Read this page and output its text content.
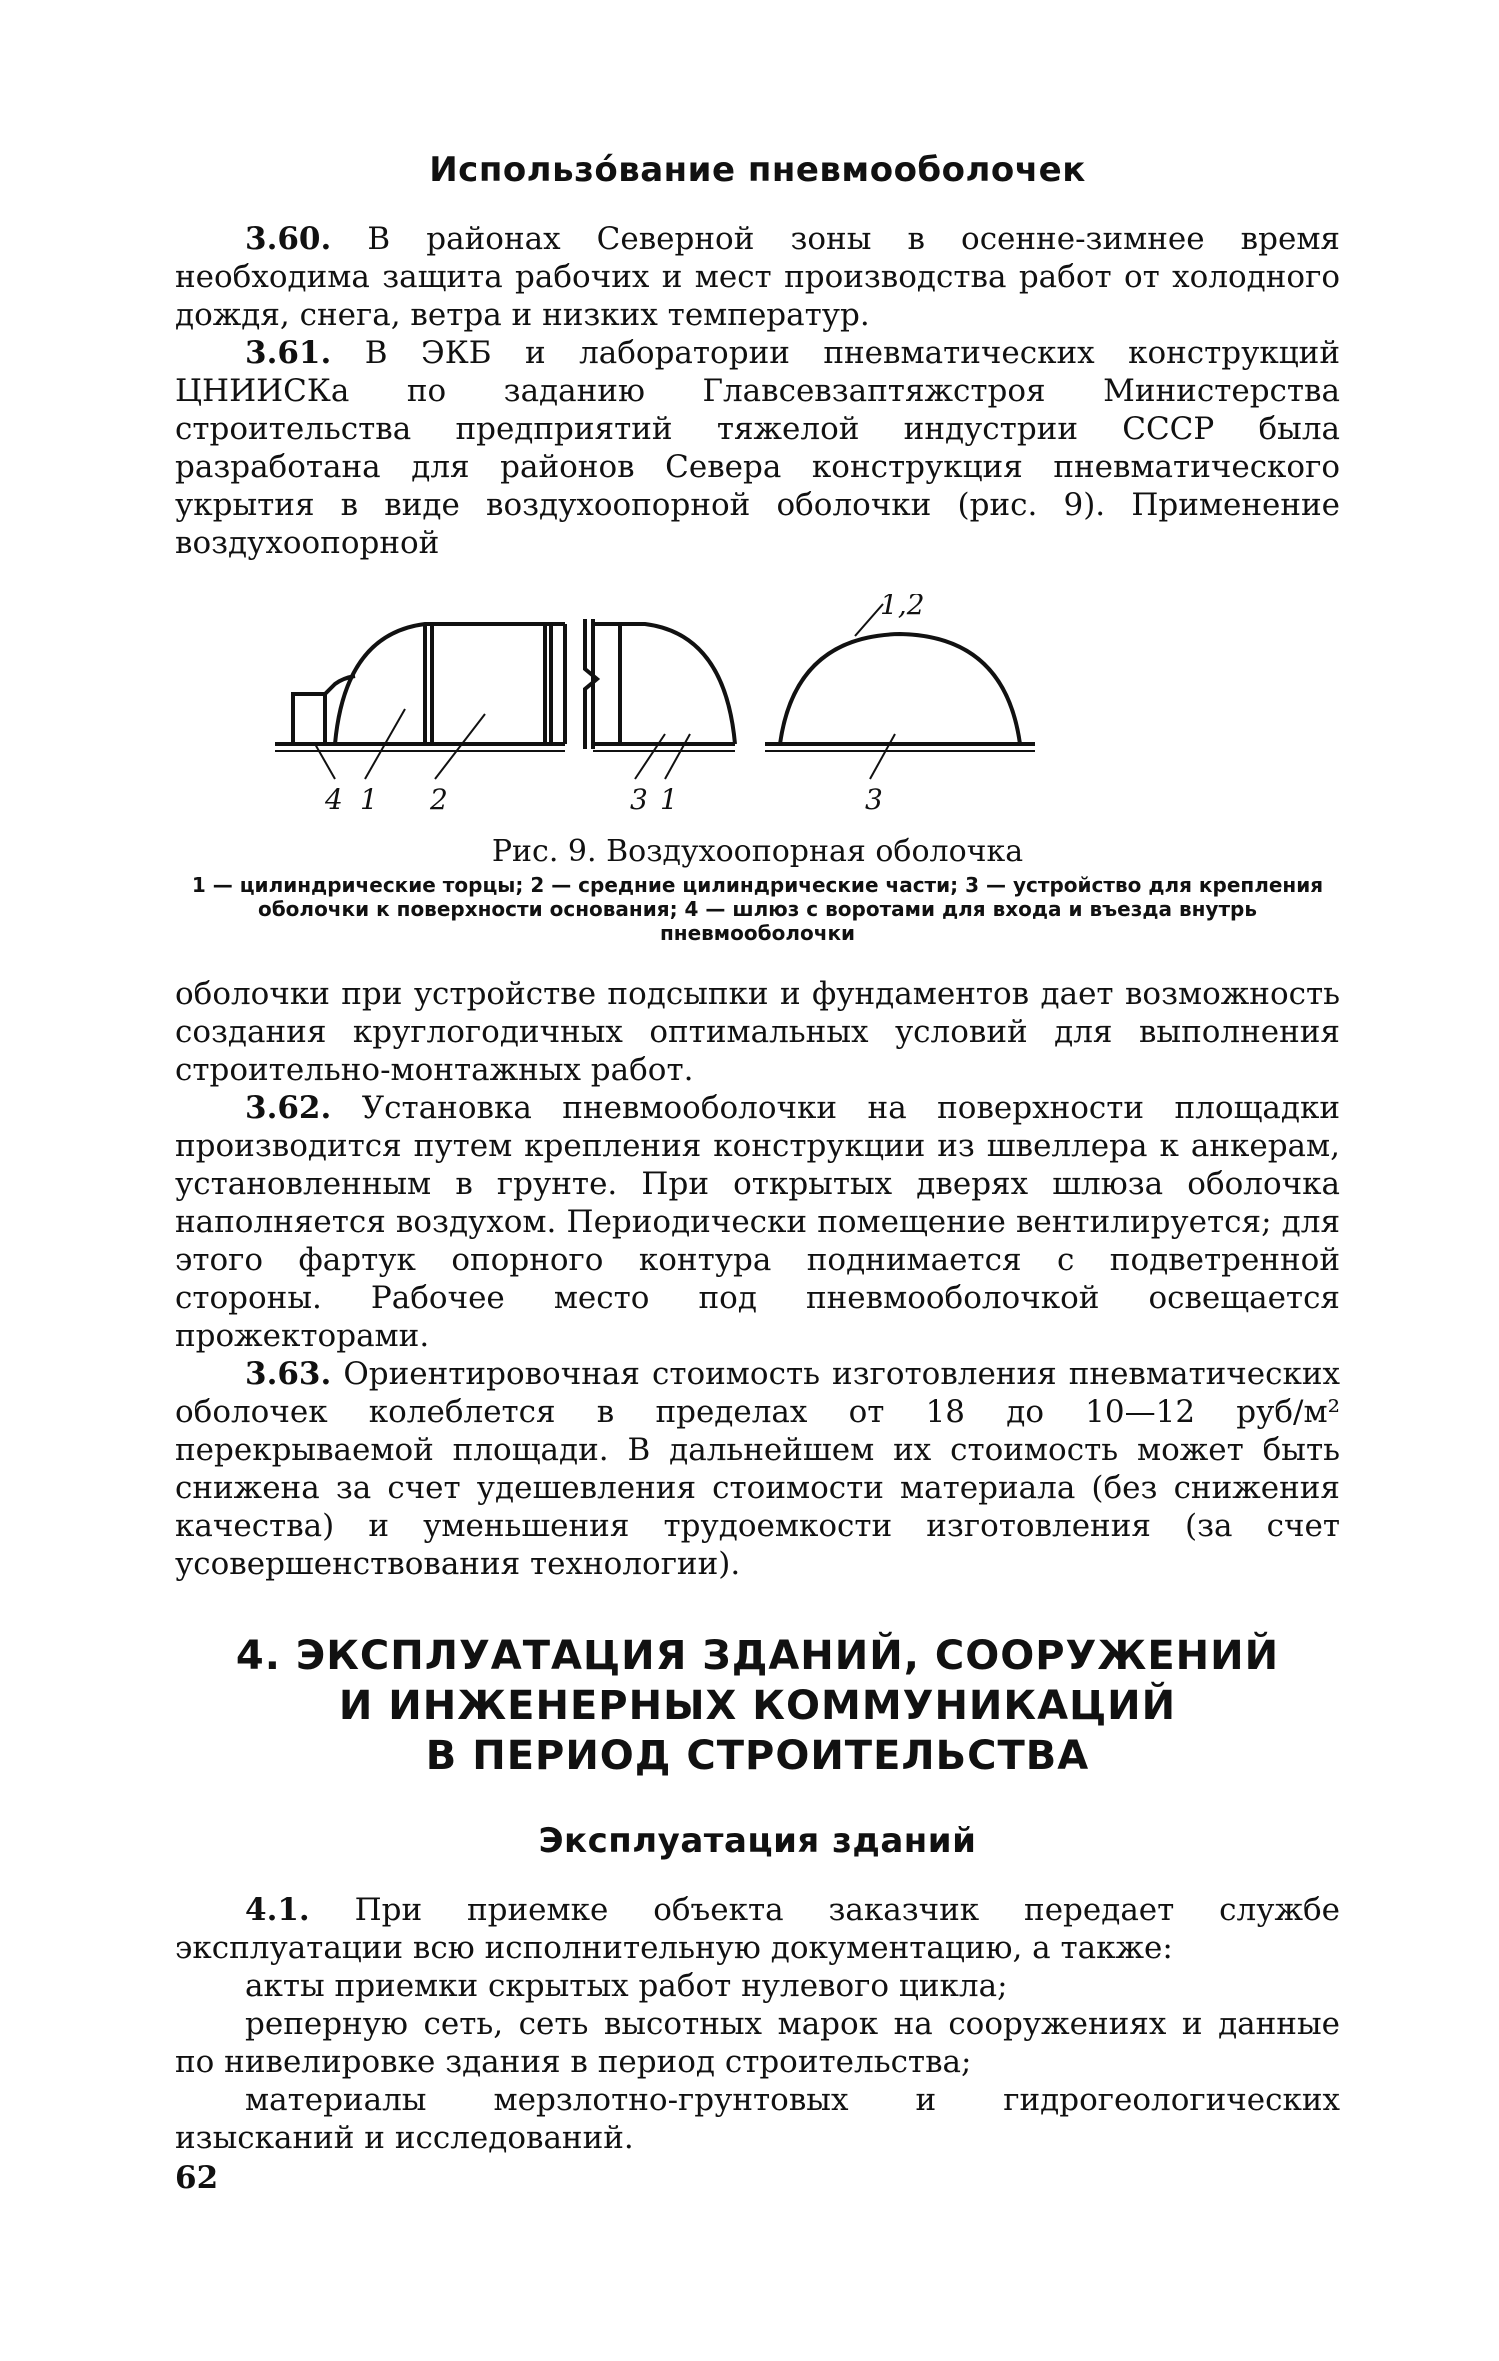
Использо́вание пневмооболочек

3.60. В районах Северной зоны в осенне-зимнее время необходима защита рабочих и мест производства работ от холодного дождя, снега, ветра и низких температур.

3.61. В ЭКБ и лаборатории пневматических конструкций ЦНИИСКа по заданию Главсевзаптяжстроя Министерства строительства предприятий тяжелой индустрии СССР была разработана для районов Севера конструкция пневматического укрытия в виде воздухоопорной оболочки (рис. 9). Применение воздухоопорной

4 1 2	3 1	3
1,2
Рис. 9. Воздухоопорная оболочка
1 — цилиндрические торцы; 2 — средние цилиндрические части; 3 — устройство для крепления оболочки к поверхности основания; 4 — шлюз с воротами для входа и въезда внутрь пневмооболочки

оболочки при устройстве подсыпки и фундаментов дает возможность создания круглогодичных оптимальных условий для выполнения строительно-монтажных работ.

3.62. Установка пневмооболочки на поверхности площадки производится путем крепления конструкции из швеллера к анкерам, установленным в грунте. При открытых дверях шлюза оболочка наполняется воздухом. Периодически помещение вентилируется; для этого фартук опорного контура поднимается с подветренной стороны. Рабочее место под пневмооболочкой освещается прожекторами.

3.63. Ориентировочная стоимость изготовления пневматических оболочек колеблется в пределах от 18 до 10—12 руб/м² перекрываемой площади. В дальнейшем их стоимость может быть снижена за счет удешевления стоимости материала (без снижения качества) и уменьшения трудоемкости изготовления (за счет усовершенствования технологии).

4. ЭКСПЛУАТАЦИЯ ЗДАНИЙ, СООРУЖЕНИЙ
И ИНЖЕНЕРНЫХ КОММУНИКАЦИЙ
В ПЕРИОД СТРОИТЕЛЬСТВА
Эксплуатация зданий

4.1. При приемке объекта заказчик передает службе эксплуатации всю исполнительную документацию, а также:

акты приемки скрытых работ нулевого цикла;

реперную сеть, сеть высотных марок на сооружениях и данные по нивелировке здания в период строительства;

материалы мерзлотно-грунтовых и гидрогеологических изысканий и исследований.

62
